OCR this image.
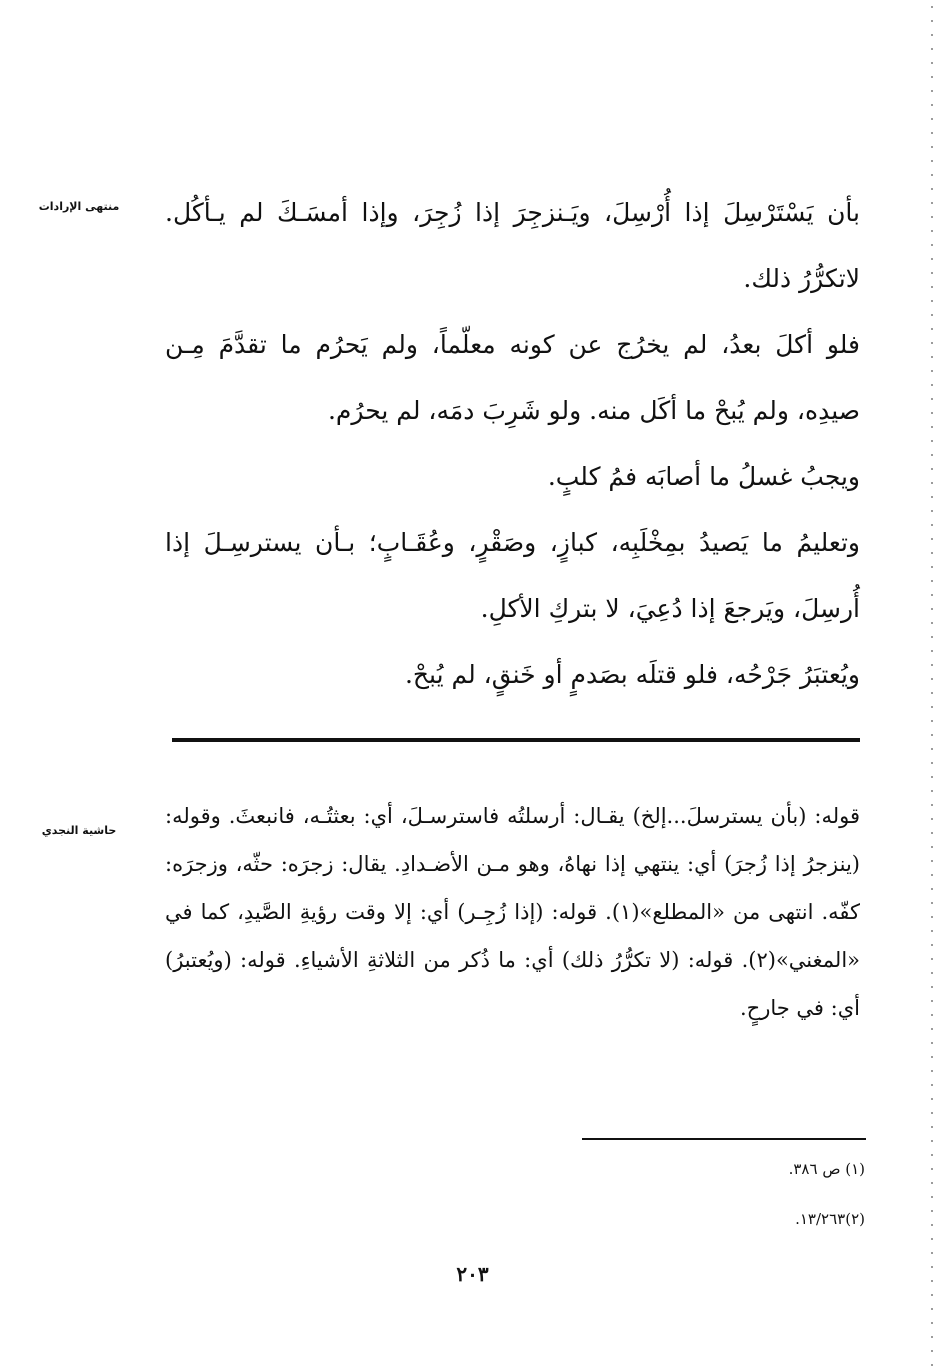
منتهى الإرادات
حاشية النجدي

بأن يَسْتَرْسِلَ إذا أُرْسِلَ، ويَـنزجِرَ إذا زُجِرَ، وإذا أمسَـكَ لم يـأكُل. لاتكرُّرُ ذلك.

فلو أكلَ بعدُ، لم يخرُج عن كونه معلّماً، ولم يَحرُم ما تقدَّمَ مِـن صيدِه، ولم يُبحْ ما أكَل منه. ولو شَرِبَ دمَه، لم يحرُم.

ويجبُ غسلُ ما أصابَه فمُ كلبٍ.

وتعليمُ ما يَصيدُ بمِخْلَبِه، كبازٍ، وصَقْرٍ، وعُقَـابٍ؛ بـأن يسترسِـلَ إذا أُرسِلَ، ويَرجعَ إذا دُعِيَ، لا بتركِ الأكلِ.

ويُعتبَرُ جَرْحُه، فلو قتلَه بصَدمٍ أو خَنقٍ، لم يُبحْ.

قوله: (بأن يسترسلَ...إلخ) يقـال: أرسلتُه فاسترسـلَ، أي: بعثتُـه، فانبعثَ. وقوله: (ينزجرُ إذا زُجرَ) أي: ينتهي إذا نهاهُ، وهو مـن الأضـدادِ. يقال: زجرَه: حثّه، وزجرَه: كفّه. انتهى من «المطلع»(١). قوله: (إذا زُجِـر) أي: إلا وقت رؤيةِ الصَّيدِ، كما في «المغني»(٢). قوله: (لا تكرُّرُ ذلك) أي: ما ذُكر من الثلاثةِ الأشياءِ. قوله: (ويُعتبرُ) أي: في جارحٍ.

(١) ص ٣٨٦.
(٢)١٣/٢٦٣.
٢٠٣
